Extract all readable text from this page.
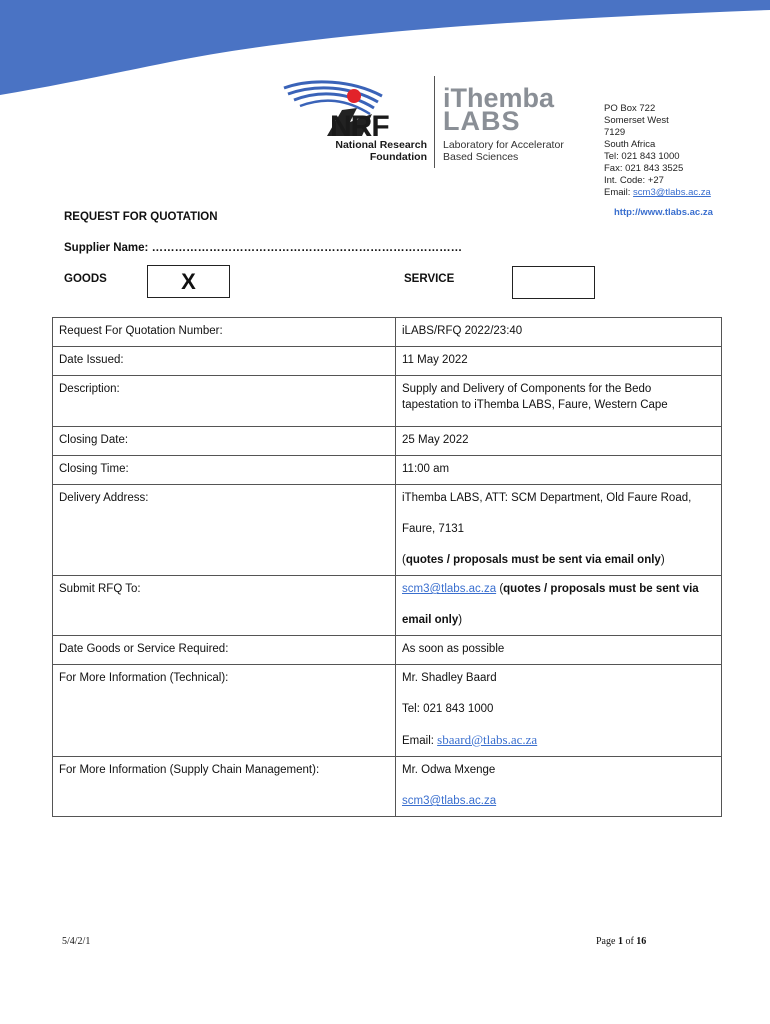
NRF
National Research
Foundation
iThemba
LABS
Laboratory for Accelerator
Based Sciences
PO Box 722
Somerset West
7129
South Africa
Tel: 021 843 1000
Fax: 021 843 3525
Int. Code: +27
Email: scm3@tlabs.ac.za
http://www.tlabs.ac.za
REQUEST FOR QUOTATION
Supplier Name: ………………………………………………………………………
GOODS	X	SERVICE
Request For Quotation Number:	iLABS/RFQ 2022/23:40
Date Issued:	11 May 2022
Description:	Supply and Delivery of Components for the Bedo
tapestation to iThemba LABS, Faure, Western Cape

Closing Date:	25 May 2022
Closing Time:	11:00 am
Delivery Address:	iThemba LABS, ATT: SCM Department, Old Faure Road,
Faure, 7131
(quotes / proposals must be sent via email only)

Submit RFQ To:	scm3@tlabs.ac.za (quotes / proposals must be sent via
email only)

Date Goods or Service Required:	As soon as possible
For More Information (Technical):	Mr. Shadley Baard
Tel: 021 843 1000
Email: sbaard@tlabs.ac.za

For More Information (Supply Chain Management):	Mr. Odwa Mxenge
scm3@tlabs.ac.za
5/4/2/1	Page 1 of 16
